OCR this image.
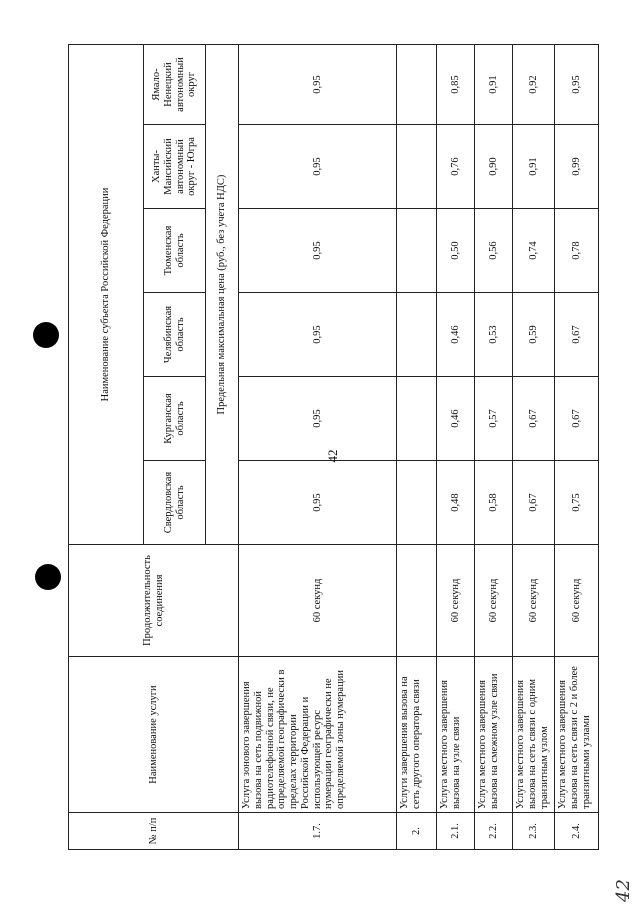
42
42
№ п/п	Наименование услуги	Продолжительность соединения	Наименование субъекта Российской Федерации					
			Свердловская область	Курганская область	Челябинская область	Тюменская область	Ханты-Мансийский автономный округ - Югра	Ямало-Ненецкий автономный округ
			Предельная максимальная цена (руб., без учета НДС)					
1.7.	Услуга зонового завершения вызова на сеть подвижной радиотелефонной связи, не определяемой географически в пределах территории Российской Федерации и использующей ресурс нумерации географически не определяемой зоны нумерации	60 секунд	0,95	0,95	0,95	0,95	0,95	0,95
2.	Услуги завершения вызова на сеть другого оператора связи							
2.1.	Услуга местного завершения вызова на узле связи	60 секунд	0,48	0,46	0,46	0,50	0,76	0,85
2.2.	Услуга местного завершения вызова на смежном узле связи	60 секунд	0,58	0,57	0,53	0,56	0,90	0,91
2.3.	Услуга местного завершения вызова на сеть связи с одним транзитным узлом	60 секунд	0,67	0,67	0,59	0,74	0,91	0,92
2.4.	Услуга местного завершения вызова на сеть связи с 2 и более транзитными узлами	60 секунд	0,75	0,67	0,67	0,78	0,99	0,95
